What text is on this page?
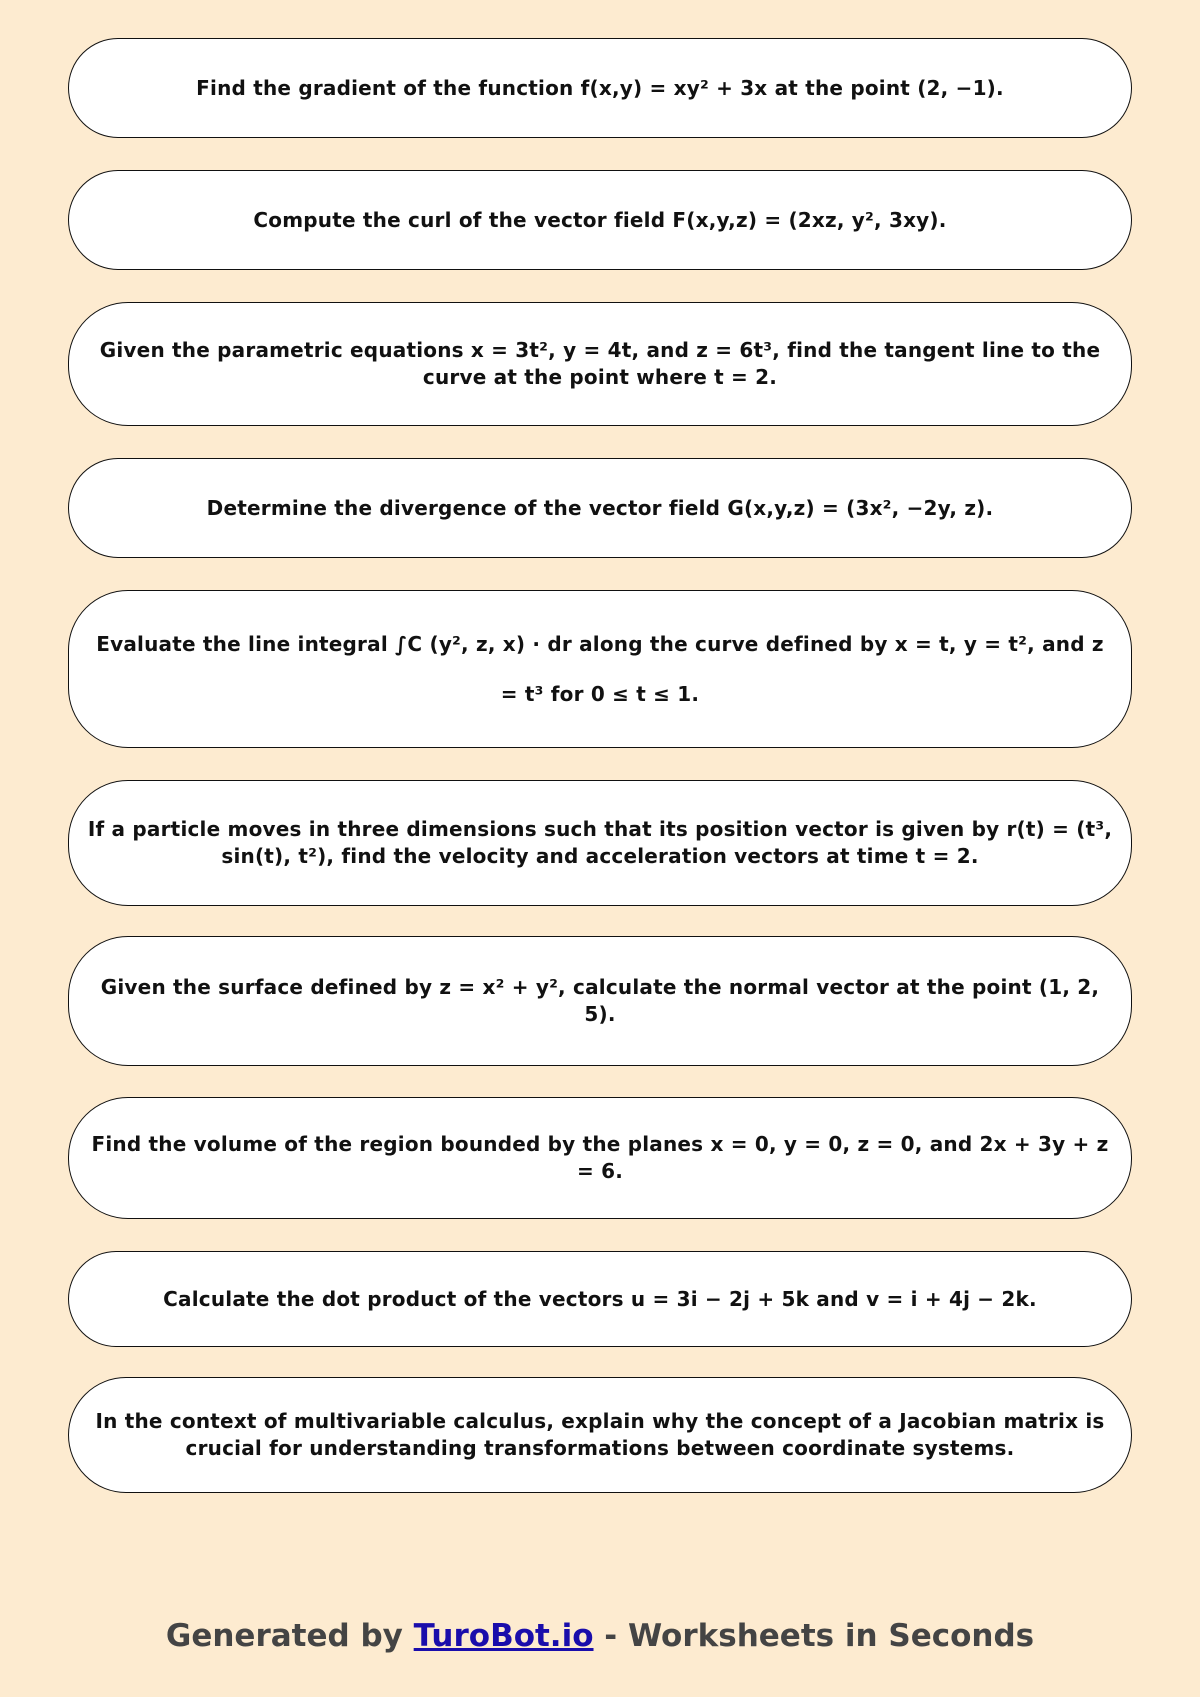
Find the gradient of the function f(x,y) = xy² + 3x at the point (2, −1).
Compute the curl of the vector field F(x,y,z) = (2xz, y², 3xy).
Given the parametric equations x = 3t², y = 4t, and z = 6t³, find the tangent line to the curve at the point where t = 2.
Determine the divergence of the vector field G(x,y,z) = (3x², −2y, z).
Evaluate the line integral ∫C (y², z, x) · dr along the curve defined by x = t, y = t², and z = t³ for 0 ≤ t ≤ 1.
If a particle moves in three dimensions such that its position vector is given by r(t) = (t³, sin(t), t²), find the velocity and acceleration vectors at time t = 2.
Given the surface defined by z = x² + y², calculate the normal vector at the point (1, 2, 5).
Find the volume of the region bounded by the planes x = 0, y = 0, z = 0, and 2x + 3y + z = 6.
Calculate the dot product of the vectors u = 3i − 2j + 5k and v = i + 4j − 2k.
In the context of multivariable calculus, explain why the concept of a Jacobian matrix is crucial for understanding transformations between coordinate systems.
Generated by TuroBot.io - Worksheets in Seconds
